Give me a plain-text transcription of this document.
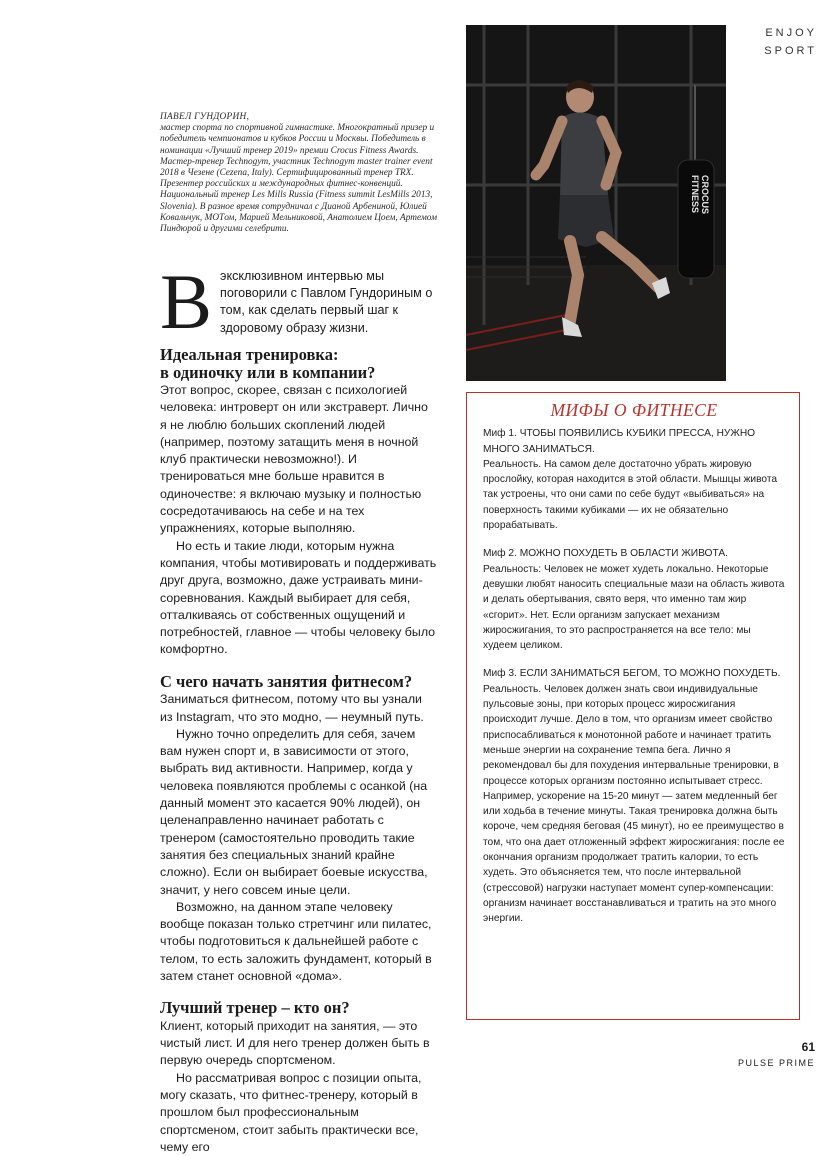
ENJOY
SPORT
CROCUS
FITNESS
ПАВЕЛ ГУНДОРИН,
мастер спорта по спортивной гимнастике. Многократный призер и победитель чемпионатов и кубков России и Москвы. Победитель в номинации «Лучший тренер 2019» премии Crocus Fitness Awards. Мастер-тренер Technogym, участник Technogym master trainer event 2018 в Чезене (Cezena, Italy). Сертифицированный тренер TRX. Презентер российских и международных фитнес-конвенций. Национальный тренер Les Mills Russia (Fitness summit LesMills 2013, Slovenia). В разное время сотрудничал с Дианой Арбениной, Юлией Ковальчук, MOTом, Марией Мельниковой, Анатолием Цоем, Артемом Пиндюрой и другими селебрити.
В эксклюзивном интервью мы поговорили с Павлом Гундориным о том, как сделать первый шаг к здоровому образу жизни.
Идеальная тренировка:
в одиночку или в компании?

Этот вопрос, скорее, связан с психологией человека: интроверт он или экстраверт. Лично я не люблю больших скоплений людей (например, поэтому затащить меня в ночной клуб практически невозможно!). И тренироваться мне больше нравится в одиночестве: я включаю музыку и полностью сосредотачиваюсь на себе и на тех упражнениях, которые выполняю.

Но есть и такие люди, которым нужна компания, чтобы мотивировать и поддерживать друг друга, возможно, даже устраивать мини-соревнования. Каждый выбирает для себя, отталкиваясь от собственных ощущений и потребностей, главное — чтобы человеку было комфортно.

С чего начать занятия фитнесом?

Заниматься фитнесом, потому что вы узнали из Instagram, что это модно, — неумный путь.

Нужно точно определить для себя, зачем вам нужен спорт и, в зависимости от этого, выбрать вид активности. Например, когда у человека появляются проблемы с осанкой (на данный момент это касается 90% людей), он целенаправленно начинает работать с тренером (самостоятельно проводить такие занятия без специальных знаний крайне сложно). Если он выбирает боевые искусства, значит, у него совсем иные цели.

Возможно, на данном этапе человеку вообще показан только стретчинг или пилатес, чтобы подготовиться к дальнейшей работе с телом, то есть заложить фундамент, который в затем станет основной «дома».

Лучший тренер – кто он?

Клиент, который приходит на занятия, — это чистый лист. И для него тренер должен быть в первую очередь спортсменом.

Но рассматривая вопрос с позиции опыта, могу сказать, что фитнес-тренеру, который в прошлом был профессиональным спортсменом, стоит забыть практически все, чему его

МИФЫ О ФИТНЕСЕ

Миф 1. ЧТОБЫ ПОЯВИЛИСЬ КУБИКИ ПРЕССА, НУЖНО МНОГО ЗАНИМАТЬСЯ.

Реальность. На самом деле достаточно убрать жировую прослойку, которая находится в этой области. Мышцы живота так устроены, что они сами по себе будут «выбиваться» на поверхность такими кубиками — их не обязательно прорабатывать.

Миф 2. МОЖНО ПОХУДЕТЬ В ОБЛАСТИ ЖИВОТА.

Реальность: Человек не может худеть локально. Некоторые девушки любят наносить специальные мази на область живота и делать обертывания, свято веря, что именно там жир «сгорит». Нет. Если организм запускает механизм жиросжигания, то это распространяется на все тело: мы худеем целиком.

Миф 3. ЕСЛИ ЗАНИМАТЬСЯ БЕГОМ, ТО МОЖНО ПОХУДЕТЬ.

Реальность. Человек должен знать свои индивидуальные пульсовые зоны, при которых процесс жиросжигания происходит лучше. Дело в том, что организм имеет свойство приспосабливаться к монотонной работе и начинает тратить меньше энергии на сохранение темпа бега. Лично я рекомендовал бы для похудения интервальные тренировки, в процессе которых организм постоянно испытывает стресс. Например, ускорение на 15-20 минут — затем медленный бег или ходьба в течение минуты. Такая тренировка должна быть короче, чем средняя беговая (45 минут), но ее преимущество в том, что она дает отложенный эффект жиросжигания: после ее окончания организм продолжает тратить калории, то есть худеть. Это объясняется тем, что после интервальной (стрессовой) нагрузки наступает момент супер-компенсации: организм начинает восстанавливаться и тратить на это много энергии.

61
PULSE PRIME
